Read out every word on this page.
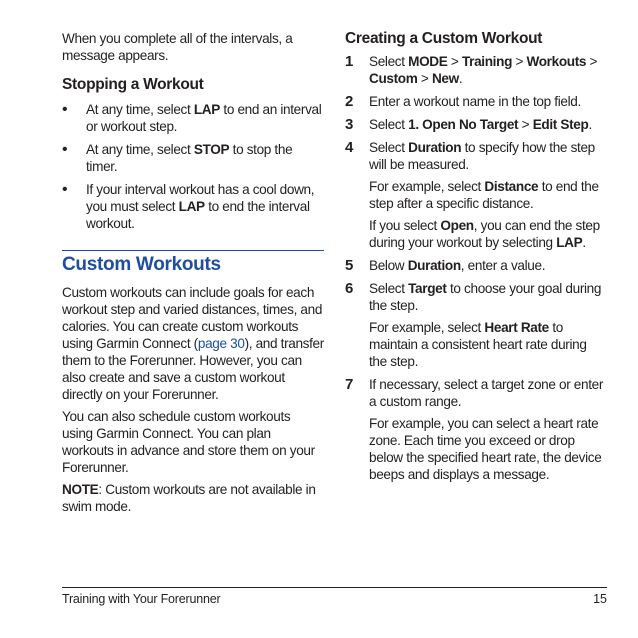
When you complete all of the intervals, a message appears.

Stopping a Workout
• At any time, select LAP to end an interval or workout step.

• At any time, select STOP to stop the timer.

• If your interval workout has a cool down, you must select LAP to end the interval workout.

Custom Workouts

Custom workouts can include goals for each workout step and varied distances, times, and calories. You can create custom workouts using Garmin Connect (page 30), and transfer them to the Forerunner. However, you can also create and save a custom workout directly on your Forerunner.

You can also schedule custom workouts using Garmin Connect. You can plan workouts in advance and store them on your Forerunner.

NOTE: Custom workouts are not available in swim mode.

Creating a Custom Workout
1 Select MODE > Training > Workouts > Custom > New.

2 Enter a workout name in the top field.

3 Select 1. Open No Target > Edit Step.

4 Select Duration to specify how the step will be measured.

For example, select Distance to end the step after a specific distance.

If you select Open, you can end the step during your workout by selecting LAP.

5 Below Duration, enter a value.

6 Select Target to choose your goal during the step.

For example, select Heart Rate to maintain a consistent heart rate during the step.

7 If necessary, select a target zone or enter a custom range.

For example, you can select a heart rate zone. Each time you exceed or drop below the specified heart rate, the device beeps and displays a message.

Training with Your Forerunner	15
